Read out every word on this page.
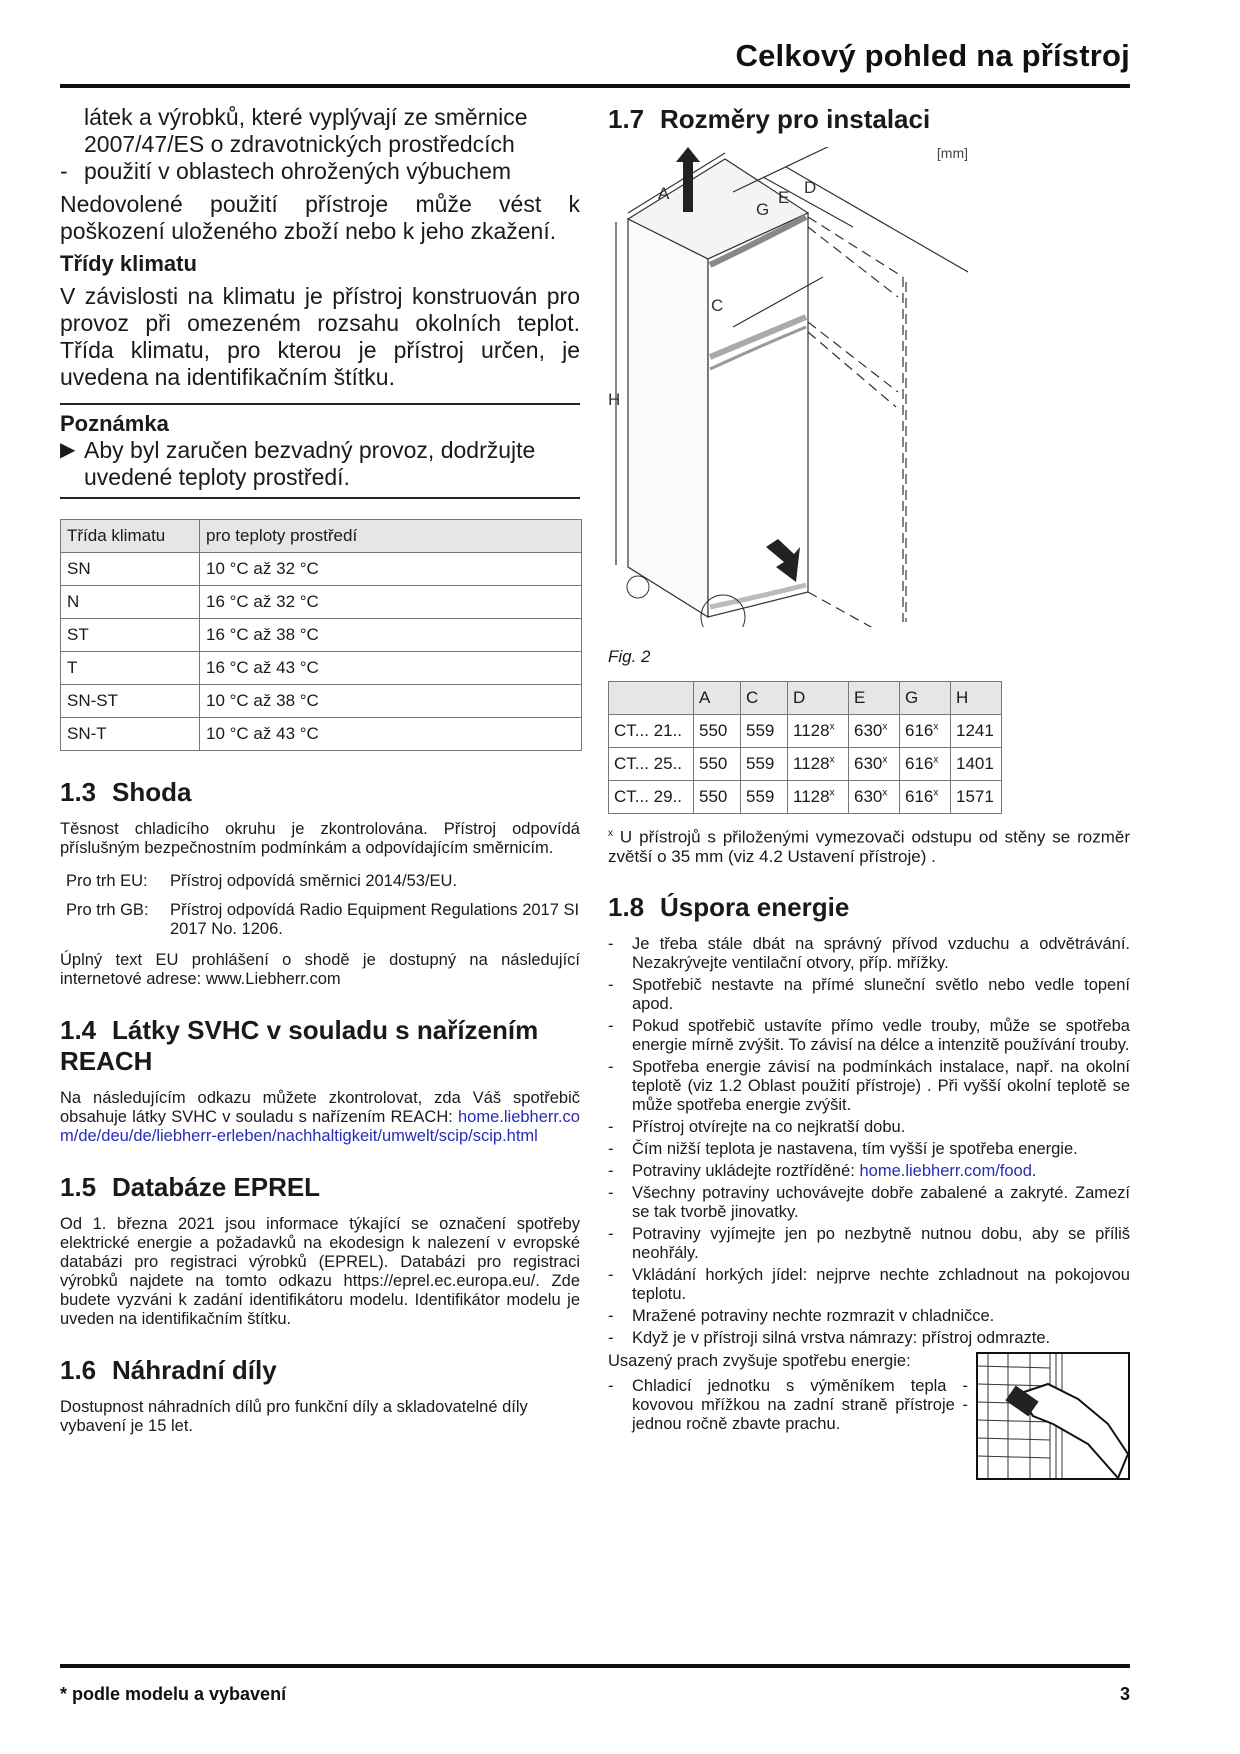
Celkový pohled na přístroj
látek a výrobků, které vyplývají ze směrnice
2007/47/ES o zdravotnických prostředcích
- použití v oblastech ohrožených výbuchem
Nedovolené použití přístroje může vést k poškození uloženého zboží nebo k jeho zkažení.
Třídy klimatu
V závislosti na klimatu je přístroj konstruován pro provoz při omezeném rozsahu okolních teplot. Třída klimatu, pro kterou je přístroj určen, je uvedena na identifikačním štítku.
Poznámka
▶ Aby byl zaručen bezvadný provoz, dodržujte uvedené teploty prostředí.
Třída klimatu	pro teploty prostředí
SN	10 °C až 32 °C
N	16 °C až 32 °C
ST	16 °C až 38 °C
T	16 °C až 43 °C
SN-ST	10 °C až 38 °C
SN-T	10 °C až 43 °C
1.3 Shoda
Těsnost chladicího okruhu je zkontrolována. Přístroj odpovídá příslušným bezpečnostním podmínkám a odpovídajícím směrnicím.
Pro trh EU:	Přístroj odpovídá směrnici 2014/53/EU.
Pro trh GB:	Přístroj odpovídá Radio Equipment Regulations 2017 SI 2017 No. 1206.
Úplný text EU prohlášení o shodě je dostupný na následující internetové adrese: www.Liebherr.com
1.4 Látky SVHC v souladu s nařízením REACH
Na následujícím odkazu můžete zkontrolovat, zda Váš spotřebič obsahuje látky SVHC v souladu s nařízením REACH: home.liebherr.com/de/deu/de/liebherr-erleben/nachhaltigkeit/umwelt/scip/scip.html
1.5 Databáze EPREL
Od 1. března 2021 jsou informace týkající se označení spotřeby elektrické energie a požadavků na ekodesign k nalezení v evropské databázi pro registraci výrobků (EPREL). Databázi pro registraci výrobků najdete na tomto odkazu https://eprel.ec.europa.eu/. Zde budete vyzváni k zadání identifikátoru modelu. Identifikátor modelu je uveden na identifikačním štítku.
1.6 Náhradní díly
Dostupnost náhradních dílů pro funkční díly a skladovatelné díly vybavení je 15 let.
1.7 Rozměry pro instalaci
A
C
D
E
G
H
[mm]
Fig. 2
	A	C	D	E	G	H
CT... 21..	550	559	1128$^x$	630$^x$	616$^x$	1241
CT... 25..	550	559	1128$^x$	630$^x$	616$^x$	1401
CT... 29..	550	559	1128$^x$	630$^x$	616$^x$	1571
$^x$ U přístrojů s přiloženými vymezovači odstupu od stěny se rozměr zvětší o 35 mm (viz 4.2 Ustavení přístroje) .
1.8 Úspora energie
-	Je třeba stále dbát na správný přívod vzduchu a odvětrávání. Nezakrývejte ventilační otvory, příp. mřížky.
-	Spotřebič nestavte na přímé sluneční světlo nebo vedle topení apod.
-	Pokud spotřebič ustavíte přímo vedle trouby, může se spotřeba energie mírně zvýšit. To závisí na délce a intenzitě používání trouby.
-	Spotřeba energie závisí na podmínkách instalace, např. na okolní teplotě (viz 1.2 Oblast použití přístroje) . Při vyšší okolní teplotě se může spotřeba energie zvýšit.
-	Přístroj otvírejte na co nejkratší dobu.
-	Čím nižší teplota je nastavena, tím vyšší je spotřeba energie.
-	Potraviny ukládejte roztříděné: home.liebherr.com/food.
-	Všechny potraviny uchovávejte dobře zabalené a zakryté. Zamezí se tak tvorbě jinovatky.
-	Potraviny vyjímejte jen po nezbytně nutnou dobu, aby se příliš neohřály.
-	Vkládání horkých jídel: nejprve nechte zchladnout na pokojovou teplotu.
-	Mražené potraviny nechte rozmrazit v chladničce.
-	Když je v přístroji silná vrstva námrazy: přístroj odmrazte.
Usazený prach zvyšuje spotřebu energie:
-	Chladicí jednotku s výměníkem tepla - kovovou mřížkou na zadní straně přístroje - jednou ročně zbavte prachu.
* podle modelu a vybavení	3
